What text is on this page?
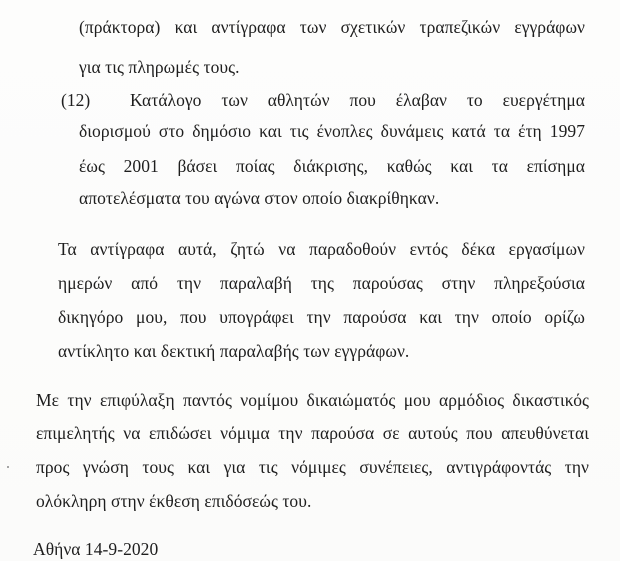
(πράκτορα) και αντίγραφα των σχετικών τραπεζικών εγγράφων
για τις πληρωμές τους.
(12) Κατάλογο των αθλητών που έλαβαν το ευεργέτημα
διορισμού στο δημόσιο και τις ένοπλες δυνάμεις κατά τα έτη 1997
έως 2001 βάσει ποίας διάκρισης, καθώς και τα επίσημα
αποτελέσματα του αγώνα στον οποίο διακρίθηκαν.
Τα αντίγραφα αυτά, ζητώ να παραδοθούν εντός δέκα εργασίμων
ημερών από την παραλαβή της παρούσας στην πληρεξούσια
δικηγόρο μου, που υπογράφει την παρούσα και την οποίο ορίζω
αντίκλητο και δεκτική παραλαβής των εγγράφων.
Με την επιφύλαξη παντός νομίμου δικαιώματός μου αρμόδιος δικαστικός
επιμελητής να επιδώσει νόμιμα την παρούσα σε αυτούς που απευθύνεται
προς γνώση τους και για τις νόμιμες συνέπειες, αντιγράφοντάς την
ολόκληρη στην έκθεση επιδόσεώς του.
Αθήνα 14-9-2020
